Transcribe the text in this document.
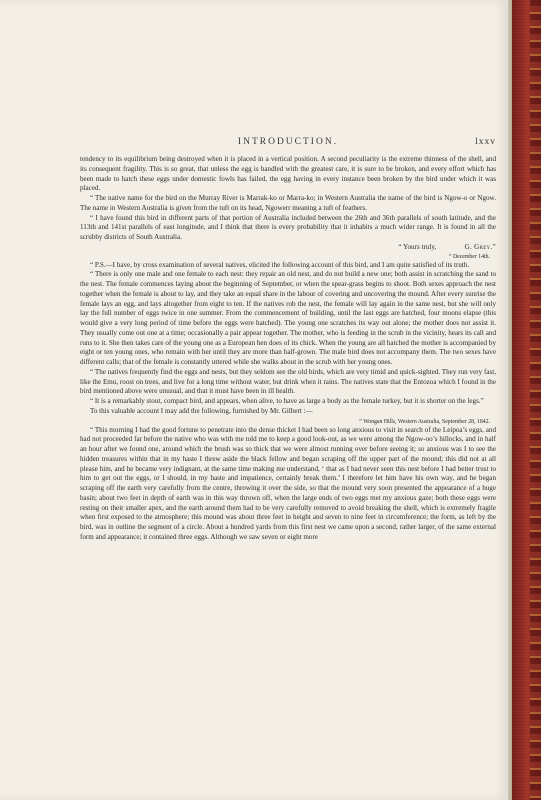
INTRODUCTION.	lxxv

tendency to its equilibrium being destroyed when it is placed in a vertical position. A second peculiarity is the extreme thinness of the shell, and its consequent fragility. This is so great, that unless the egg is handled with the greatest care, it is sure to be broken, and every effort which has been made to hatch these eggs under domestic fowls has failed, the egg having in every instance been broken by the bird under which it was placed.

“ The native name for the bird on the Murray River is Marrak-ko or Marra-ko; in Western Australia the name of the bird is Ngow-o or Ngow. The name in Western Australia is given from the tuft on its head, Ngowerr meaning a tuft of feathers.

“ I have found this bird in different parts of that portion of Australia included between the 26th and 36th parallels of south latitude, and the 113th and 141st parallels of east longitude, and I think that there is every probability that it inhabits a much wider range. It is found in all the scrubby districts of South Australia.

“ Yours truly,	G. Grey.”

“ December 14th.

“ P.S.—I have, by cross examination of several natives, elicited the following account of this bird, and I am quite satisfied of its truth.

“ There is only one male and one female to each nest: they repair an old nest, and do not build a new one; both assist in scratching the sand to the nest. The female commences laying about the beginning of September, or when the spear-grass begins to shoot. Both sexes approach the nest together when the female is about to lay, and they take an equal share in the labour of covering and uncovering the mound. After every sunrise the female lays an egg, and lays altogether from eight to ten. If the natives rob the nest, the female will lay again in the same nest, but she will only lay the full number of eggs twice in one summer. From the commencement of building, until the last eggs are hatched, four moons elapse (this would give a very long period of time before the eggs were hatched). The young one scratches its way out alone; the mother does not assist it. They usually come out one at a time; occasionally a pair appear together. The mother, who is feeding in the scrub in the vicinity, hears its call and runs to it. She then takes care of the young one as a European hen does of its chick. When the young are all hatched the mother is accompanied by eight or ten young ones, who remain with her until they are more than half-grown. The male bird does not accompany them. The two sexes have different calls; that of the female is constantly uttered while she walks about in the scrub with her young ones.

“ The natives frequently find the eggs and nests, but they seldom see the old birds, which are very timid and quick-sighted. They run very fast, like the Emu, roost on trees, and live for a long time without water, but drink when it rains. The natives state that the Entozoa which I found in the bird mentioned above were unusual, and that it must have been in ill health.

“ It is a remarkably stout, compact bird, and appears, when alive, to have as large a body as the female turkey, but it is shorter on the legs.”

To this valuable account I may add the following, furnished by Mr. Gilbert :—

“ Wongan Hills, Western Australia, September 28, 1842.

“ This morning I had the good fortune to penetrate into the dense thicket I had been so long anxious to visit in search of the Leipoa’s eggs, and had not proceeded far before the native who was with me told me to keep a good look-out, as we were among the Ngow-oo’s hillocks, and in half an hour after we found one, around which the brush was so thick that we were almost running over before seeing it; so anxious was I to see the hidden treasures within that in my haste I threw aside the black fellow and began scraping off the upper part of the mound; this did not at all please him, and he became very indignant, at the same time making me understand, ‘ that as I had never seen this nest before I had better trust to him to get out the eggs, or I should, in my haste and impatience, certainly break them.’ I therefore let him have his own way, and he began scraping off the earth very carefully from the centre, throwing it over the side, so that the mound very soon presented the appearance of a huge basin; about two feet in depth of earth was in this way thrown off, when the large ends of two eggs met my anxious gaze; both these eggs were resting on their smaller apex, and the earth around them had to be very carefully removed to avoid breaking the shell, which is extremely fragile when first exposed to the atmosphere; this mound was about three feet in height and seven to nine feet in circumference; the form, as left by the bird, was in outline the segment of a circle. About a hundred yards from this first nest we came upon a second, rather larger, of the same external form and appearance; it contained three eggs. Although we saw seven or eight more
